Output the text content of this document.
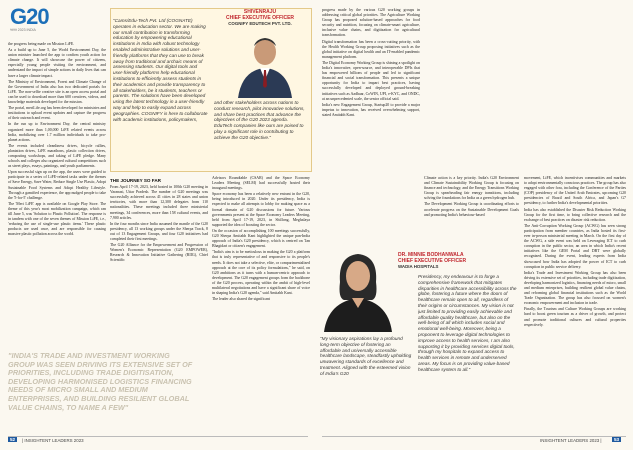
G20
भारत 2023 INDIA

the progress being made on Mission LiFE.

As a build up to June 5, the World Environment Day, the union minister launched the app to confirm youth action for climate change. It will showcase the power of citizens, especially young people visiting the environment, and understand the impact of simple actions in daily lives that can have a larger climate impact.

The Ministry of Environment, Forest and Climate Change of the Government of India also has two dedicated portals for LiFE. The non-selfie creative site is an open access portal and can be used to download more than 600 creatives, videos, and knowledge materials developed for the mission.

The portal, meriLife.org has been developed for ministries and institutions to upload event updates and capture the progress of their outreach and event.

In the run up to Environment Day, the central ministry organized more than 1,00,000 LiFE related events across India, mobilizing over 1.7 million individuals to take pro-planet actions.

The events included cleanliness drives, bicycle rallies, plantation drives, LiFE marathons, plastic collection drives, composting workshops, and taking of LiFE pledge. Many schools and colleges also organized cultural competitions such as street plays, essays, paintings, and youth parliaments.

Upon successful sign up on the app, the users were guided to participate in a series of LiFE-related tasks under the themes of Save Energy, Save Water, Reduce Single Use Plastic, Adopt Sustainable Food Systems and Adopt Healthy Lifestyle. Through a gamified experience, the app nudged people to take the '5-for-5' challenge.

The 'Meri LiFE' app is available on Google Play Store. The theme of this year's most mobilization campaign, which ran till June 5, was 'Solution to Plastic Pollution'. The response is in tandem with one of the seven themes of Mission LiFE, i.e., 'reducing the use of single-use plastic items.' These plastic products are used once, and are responsible for causing massive plastic pollution across the world.

"INDIA'S TRADE AND INVESTMENT WORKING GROUP WAS SEEN DRIVING ITS EXTENSIVE SET OF PRIORITIES, INCLUDING TRADE DIGITISATION, DEVELOPING HARMONISED LOGISTICS FINANCING NEEDS OF MICRO SMALL AND MEDIUM ENTERPRISES, AND BUILDING RESILIENT GLOBAL VALUE CHAINS, TO NAME A FEW"
"Cams/Edu-Tech Pvt. Ltd (COGNATE) operates in education sector. We are making our small contribution in transforming education by empowering educational institutions in India with robust technology enabled administrative solutions and user-friendly platforms that they can use to break away from traditional and archaic means of assessing students. Our digital tools and user-friendly platforms help educational institutions to efficiently assess students in their academics and provide transparency to all stakeholders, be it students, teachers or parents. The solutions have been developed using the latest technology in a user-friendly way and help to easily expand across geographies. COGNIFY is here to collaborate with academic institutions, policymakers,
and other stakeholders across nations to conduct research, pilot innovative solutions, and share best practices that advance the objectives of the G20 2023 agenda. EduTech companies like ours are poised to play a significant role in contributing to achieve the G20 objective."
SHIVENRAJU
CHIEF EXECUTIVE OFFICER
COGNIFY EDUTECH PVT. LTD.
THE JOURNEY SO FAR

From April 17-19, 2023, held hosted in 100th G20 meeting in Varanasi, Uttar Pradesh. The number of G20 meetings was successfully achieved across 41 cities in 28 states and union territories, with more than 12,300 delegates from 110 nationalities. These meetings included three ministerial meetings, 34 conferences, more than 158 cultural events, and 7,900 articles.

In the four months since India assumed the mantle of the G20 presidency, all 13 working groups under the Sherpa Track, 8 out of 13 Engagement Groups, and four G20 initiatives had completed their first meetings.

The G20 Alliance for the Empowerment and Progression of Women's Economic Representation (G20 EMPOWER), Research & Innovation Initiative Gathering (RIIG), Chief Scientific

Advisors Roundtable (CSAR) and the Space Economy Leaders Meeting (SELM) had successfully hosted their inaugural meetings.

Space economy has been a relatively new entrant in the G20, being introduced in 2020. Under its presidency, India is expected to make all attempts to lobby for making space as a formal domain of G20 discussions for future. Various governments present at the Space Economy Leaders Meeting, held from April 17-19, 2023, in Shillong, Meghalaya supported the idea of boosting the sector.

On the occasion of accomplishing 100 meetings successfully, G20 Sherpa Amitabh Kant highlighted the unique pan-India approach of India's G20 presidency, which is centred on 'Jan Bhagidari or citizen's engagement.

"India's aim is to be meticulous in making the G20 a platform that is truly representative of and responsive to its people's needs. It does not take a selective, elite, or compartmentalized approach at the core of its policy formulations," he said, on G20 ambitions as it turns with a human-centric approach to development. The G20 engagement groups form the backbone of the G20 process, operating within the ambit of high-level multilateral negotiations and have a significant share of voice in shaping India's G20 agenda," said Amitabh Kant.

The leader also shared the significant

progress made by the various G20 working groups in addressing critical global priorities. The Agriculture Working Group has proposed solution-based approaches for food security and nutrition, focusing on climate-smart agriculture, inclusive value chains, and digitization for agricultural transformation.

Digital transformation has been a cross-cutting priority, with the Health Working Group proposing initiatives such as the global initiative on digital health and an IT-enabled pandemic management platform.

The Digital Economy Working Group is shining a spotlight on India's innovative, open-source, and interoperable DPIs that has empowered billions of people and led to significant financial and social transformation. This presents a unique opportunity for India to impart best practices, having successfully developed and deployed ground-breaking initiatives such as Aadhaar, CoWIN, UPI, e-KYC, and ONDC, at an unprecedented scale, the senior official said.

India's new Engagement Group, Startup20 to provide a major impetus to innovation, has received overwhelming support, stated Amitabh Kant.

Climate action is a key priority. India's G20 Environment and Climate Sustainability Working Group is focusing on finance and technology, and the Energy Transitions Working Group is spearheading fair energy transitions, including solving the foundations for India as a green hydrogen hub.

The Development Working Group is coordinating efforts to accelerate progress on the Sustainable Development Goals and promoting India's behaviour-based

movement, LiFE, which incentivises communities and markets to adopt environmentally conscious practices. The group has also engaged with other fora, including the Conference of the Parties (COP) presidency of the United Arab Emirates, upcoming G20 presidencies of Brazil and South Africa, and Japan's G7 presidency, to further India's developmental priorities.

India has also established the Disaster Risk Reduction Working Group for the first time, to bring collective research and the exchange of best practices on disaster risk reduction.

The Anti-Corruption Working Group (ACWG) has seen strong participation from member countries, as India hosted its first-ever in-person ministerial meeting in March. On the first day of the ACWG, a side event was held on Leveraging ICT to curb corruption in the public sector, an area in which India's recent initiatives like the GEM Portal and DBT were globally recognized. During the event, leading experts from India showcased how India has adopted the power of ICT to curb corruption in public service delivery.

India's Trade and Investment Working Group has also been driving its extensive set of priorities, including trade digitisation, developing harmonized logistics, financing needs of micro, small and medium enterprises, building resilient global value chains, and reforming global financial institutions such as the World Trade Organization. The group has also focused on women's economic empowerment and inclusion in trade.

Finally, the Tourism and Culture Working Groups are working hard to boost green tourism as a driver of growth, and protect and promote traditional cultures and cultural properties respectively.

DR. MINNIE BODHANWALA
CHIEF EXECUTIVE OFFICER
WADIA HOSPITALS
"My visionary aspirations lay a profound long-term objective of fostering an affordable and universally accessible healthcare landscape, steadfastly upholding unwavering standards of excellence and treatment. Aligned with the esteemed vision of India's G20
Presidency, my endeavour is to forge a comprehensive framework that mitigates disparities in healthcare accessibility across the globe, fostering a future where the doors of healthcare remain open to all, regardless of their origins or circumstances. My vision is not just limited to providing easily achievable and affordable quality healthcare, but also on the well-being of all which includes social and emotional well-being. Moreover, being a proponent to leverage digital technologies to improve access to health services, I am also supporting it by providing services digital tools, through my hospitals to expand access to health services in remote and underserved areas. My focus is on providing value-based healthcare system to all."
52	| INSIGHTENT LEADERS 2023	INSIGHTENT LEADERS 2023 |	53
